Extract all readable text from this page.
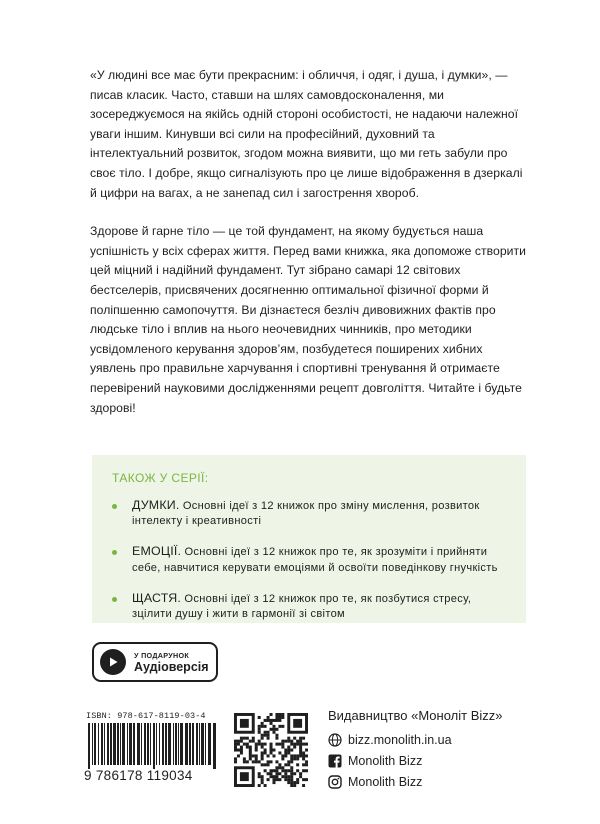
«У людині все має бути прекрасним: і обличчя, і одяг, і душа, і думки», — писав класик. Часто, ставши на шлях самовдосконалення, ми зосереджуємося на якійсь одній стороні особистості, не надаючи належної уваги іншим. Кинувши всі сили на професійний, духовний та інтелектуальний розвиток, згодом можна виявити, що ми геть забули про своє тіло. І добре, якщо сигналізують про це лише відображення в дзеркалі й цифри на вагах, а не занепад сил і загострення хвороб.

Здорове й гарне тіло — це той фундамент, на якому будується наша успішність у всіх сферах життя. Перед вами книжка, яка допоможе створити цей міцний і надійний фундамент. Тут зібрано самарі 12 світових бестселерів, присвячених досягненню оптимальної фізичної форми й поліпшенню самопочуття. Ви дізнаєтеся безліч дивовижних фактів про людське тіло і вплив на нього неочевидних чинників, про методики усвідомленого керування здоров’ям, позбудетеся поширених хибних уявлень про правильне харчування і спортивні тренування й отримаєте перевірений науковими дослідженнями рецепт довголіття. Читайте і будьте здорові!

ТАКОЖ У СЕРІЇ:
ДУМКИ. Основні ідеї з 12 книжок про зміну мислення, розвиток інтелекту і креативності
ЕМОЦІЇ. Основні ідеї з 12 книжок про те, як зрозуміти і прийняти себе, навчитися керувати емоціями й освоїти поведінкову гнучкість
ЩАСТЯ. Основні ідеї з 12 книжок про те, як позбутися стресу, зцілити душу і жити в гармонії зі світом
У ПОДАРУНОК
Аудіоверсія
ISBN: 978-617-8119-03-4
9 786178 119034
Видавництво «Моноліт Bizz»
bizz.monolith.in.ua
Monolith Bizz
Monolith Bizz
